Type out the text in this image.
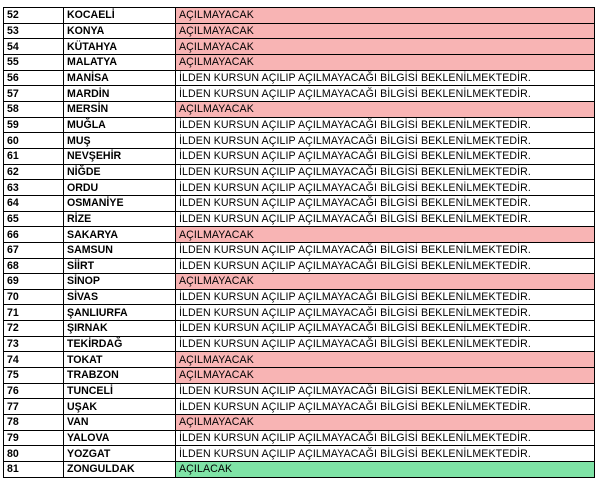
52	KOCAELİ	AÇILMAYACAK
53	KONYA	AÇILMAYACAK
54	KÜTAHYA	AÇILMAYACAK
55	MALATYA	AÇILMAYACAK
56	MANİSA	İLDEN KURSUN AÇILIP AÇILMAYACAĞI BİLGİSİ BEKLENİLMEKTEDİR.
57	MARDİN	İLDEN KURSUN AÇILIP AÇILMAYACAĞI BİLGİSİ BEKLENİLMEKTEDİR.
58	MERSİN	AÇILMAYACAK
59	MUĞLA	İLDEN KURSUN AÇILIP AÇILMAYACAĞI BİLGİSİ BEKLENİLMEKTEDİR.
60	MUŞ	İLDEN KURSUN AÇILIP AÇILMAYACAĞI BİLGİSİ BEKLENİLMEKTEDİR.
61	NEVŞEHİR	İLDEN KURSUN AÇILIP AÇILMAYACAĞI BİLGİSİ BEKLENİLMEKTEDİR.
62	NİĞDE	İLDEN KURSUN AÇILIP AÇILMAYACAĞI BİLGİSİ BEKLENİLMEKTEDİR.
63	ORDU	İLDEN KURSUN AÇILIP AÇILMAYACAĞI BİLGİSİ BEKLENİLMEKTEDİR.
64	OSMANİYE	İLDEN KURSUN AÇILIP AÇILMAYACAĞI BİLGİSİ BEKLENİLMEKTEDİR.
65	RİZE	İLDEN KURSUN AÇILIP AÇILMAYACAĞI BİLGİSİ BEKLENİLMEKTEDİR.
66	SAKARYA	AÇILMAYACAK
67	SAMSUN	İLDEN KURSUN AÇILIP AÇILMAYACAĞI BİLGİSİ BEKLENİLMEKTEDİR.
68	SİİRT	İLDEN KURSUN AÇILIP AÇILMAYACAĞI BİLGİSİ BEKLENİLMEKTEDİR.
69	SİNOP	AÇILMAYACAK
70	SİVAS	İLDEN KURSUN AÇILIP AÇILMAYACAĞI BİLGİSİ BEKLENİLMEKTEDİR.
71	ŞANLIURFA	İLDEN KURSUN AÇILIP AÇILMAYACAĞI BİLGİSİ BEKLENİLMEKTEDİR.
72	ŞIRNAK	İLDEN KURSUN AÇILIP AÇILMAYACAĞI BİLGİSİ BEKLENİLMEKTEDİR.
73	TEKİRDAĞ	İLDEN KURSUN AÇILIP AÇILMAYACAĞI BİLGİSİ BEKLENİLMEKTEDİR.
74	TOKAT	AÇILMAYACAK
75	TRABZON	AÇILMAYACAK
76	TUNCELİ	İLDEN KURSUN AÇILIP AÇILMAYACAĞI BİLGİSİ BEKLENİLMEKTEDİR.
77	UŞAK	İLDEN KURSUN AÇILIP AÇILMAYACAĞI BİLGİSİ BEKLENİLMEKTEDİR.
78	VAN	AÇILMAYACAK
79	YALOVA	İLDEN KURSUN AÇILIP AÇILMAYACAĞI BİLGİSİ BEKLENİLMEKTEDİR.
80	YOZGAT	İLDEN KURSUN AÇILIP AÇILMAYACAĞI BİLGİSİ BEKLENİLMEKTEDİR.
81	ZONGULDAK	AÇILACAK
